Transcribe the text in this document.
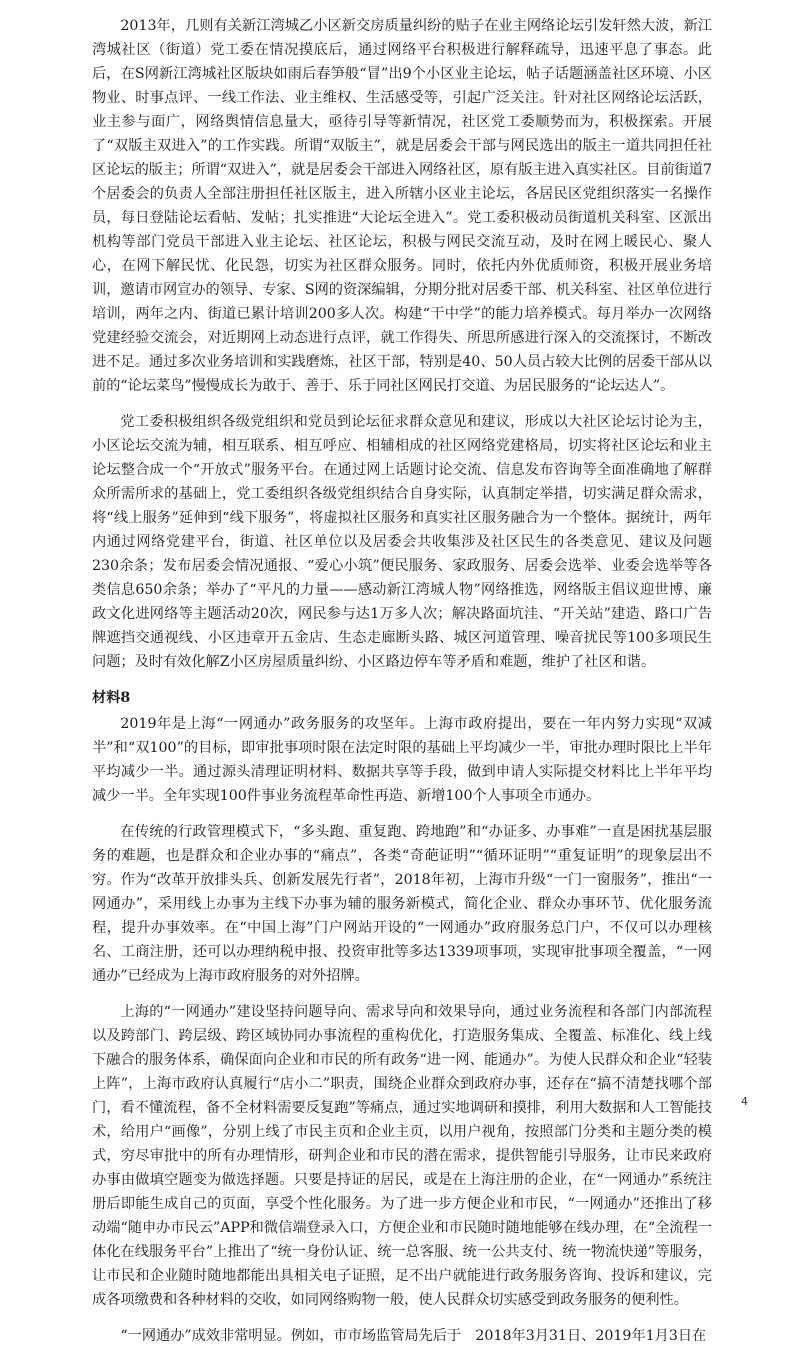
2013年，几则有关新江湾城乙小区新交房质量纠纷的贴子在业主网络论坛引发轩然大波，新江湾城社区（街道）党工委在情况摸底后，通过网络平台积极进行解释疏导，迅速平息了事态。此后，在S网新江湾城社区版块如雨后春笋般“冒”出9个小区业主论坛，帖子话题涵盖社区环境、小区物业、时事点评、一线工作法、业主维权、生活感受等，引起广泛关注。针对社区网络论坛活跃，业主参与面广，网络舆情信息量大，亟待引导等新情况，社区党工委顺势而为，积极探索。开展了“双版主双进入”的工作实践。所谓“双版主”，就是居委会干部与网民选出的版主一道共同担任社区论坛的版主；所谓“双进入”，就是居委会干部进入网络社区，原有版主进入真实社区。目前街道7个居委会的负责人全部注册担任社区版主，进入所辖小区业主论坛，各居民区党组织落实一名操作员，每日登陆论坛看帖、发帖；扎实推进“大论坛全进入”。党工委积极动员街道机关科室、区派出机构等部门党员干部进入业主论坛、社区论坛，积极与网民交流互动，及时在网上暖民心、聚人心，在网下解民忧、化民怨，切实为社区群众服务。同时，依托内外优质师资，积极开展业务培训，邀请市网宣办的领导、专家、S网的资深编辑，分期分批对居委干部、机关科室、社区单位进行培训，两年之内、街道已累计培训200多人次。构建“干中学”的能力培养模式。每月举办一次网络党建经验交流会，对近期网上动态进行点评，就工作得失、所思所感进行深入的交流探讨，不断改进不足。通过多次业务培训和实践磨炼，社区干部，特别是40、50人员占较大比例的居委干部从以前的“论坛菜鸟”慢慢成长为敢于、善于、乐于同社区网民打交道、为居民服务的“论坛达人”。

党工委积极组织各级党组织和党员到论坛征求群众意见和建议，形成以大社区论坛讨论为主，小区论坛交流为辅，相互联系、相互呼应、相辅相成的社区网络党建格局，切实将社区论坛和业主论坛整合成一个“开放式”服务平台。在通过网上话题讨论交流、信息发布咨询等全面准确地了解群众所需所求的基础上，党工委组织各级党组织结合自身实际，认真制定举措，切实满足群众需求，将“线上服务”延伸到“线下服务”，将虚拟社区服务和真实社区服务融合为一个整体。据统计，两年内通过网络党建平台，街道、社区单位以及居委会共收集涉及社区民生的各类意见、建议及问题230余条；发布居委会情况通报、“爱心小筑”便民服务、家政服务、居委会选举、业委会选举等各类信息650余条；举办了“平凡的力量——感动新江湾城人物”网络推选，网络版主倡议迎世博、廉政文化进网络等主题活动20次，网民参与达1万多人次；解决路面坑洼、“开关站”建造、路口广告牌遮挡交通视线、小区违章开五金店、生态走廊断头路、城区河道管理、噪音扰民等100多项民生问题；及时有效化解Z小区房屋质量纠纷、小区路边停车等矛盾和难题，维护了社区和谐。

材料8

2019年是上海“一网通办”政务服务的攻坚年。上海市政府提出，要在一年内努力实现“双减半”和“双100”的目标，即审批事项时限在法定时限的基础上平均减少一半，审批办理时限比上半年平均减少一半。通过源头清理证明材料、数据共享等手段，做到申请人实际提交材料比上半年平均减少一半。全年实现100件事业务流程革命性再造、新增100个人事项全市通办。

在传统的行政管理模式下，“多头跑、重复跑、跨地跑”和“办证多、办事难”一直是困扰基层服务的难题，也是群众和企业办事的“痛点”，各类“奇葩证明”“循环证明”“重复证明”的现象层出不穷。作为“改革开放排头兵、创新发展先行者”，2018年初，上海市升级“一门一窗服务”，推出“一网通办”，采用线上办事为主线下办事为辅的服务新模式，简化企业、群众办事环节、优化服务流程，提升办事效率。在“中国上海”门户网站开设的“一网通办”政府服务总门户，不仅可以办理核名、工商注册，还可以办理纳税申报、投资审批等多达1339项事项，实现审批事项全覆盖，“一网通办”已经成为上海市政府服务的对外招牌。

上海的“一网通办”建设坚持问题导向、需求导向和效果导向，通过业务流程和各部门内部流程以及跨部门、跨层级、跨区域协同办事流程的重构优化，打造服务集成、全覆盖、标准化、线上线下融合的服务体系，确保面向企业和市民的所有政务“进一网、能通办”。为使人民群众和企业“轻装上阵”，上海市政府认真履行“店小二”职责，围绕企业群众到政府办事，还存在“搞不清楚找哪个部门，看不懂流程，备不全材料需要反复跑”等痛点，通过实地调研和摸排，利用大数据和人工智能技术，给用户“画像”，分别上线了市民主页和企业主页，以用户视角，按照部门分类和主题分类的模式，穷尽审批中的所有办理情形，研判企业和市民的潜在需求，提供智能引导服务，让市民来政府办事由做填空题变为做选择题。只要是持证的居民，或是在上海注册的企业，在“一网通办”系统注册后即能生成自己的页面，享受个性化服务。为了进一步方便企业和市民，“一网通办”还推出了移动端“随申办市民云”APP和微信端登录入口，方便企业和市民随时随地能够在线办理，在“全流程一体化在线服务平台”上推出了“统一身份认证、统一总客服、统一公共支付、统一物流快递”等服务，让市民和企业随时随地都能出具相关电子证照，足不出户就能进行政务服务咨询、投诉和建议，完成各项缴费和各种材料的交收，如同网络购物一般，使人民群众切实感受到政务服务的便利性。

“一网通办”成效非常明显。例如，市市场监管局先后于　2018年3月31日、2019年1月3日在

4
